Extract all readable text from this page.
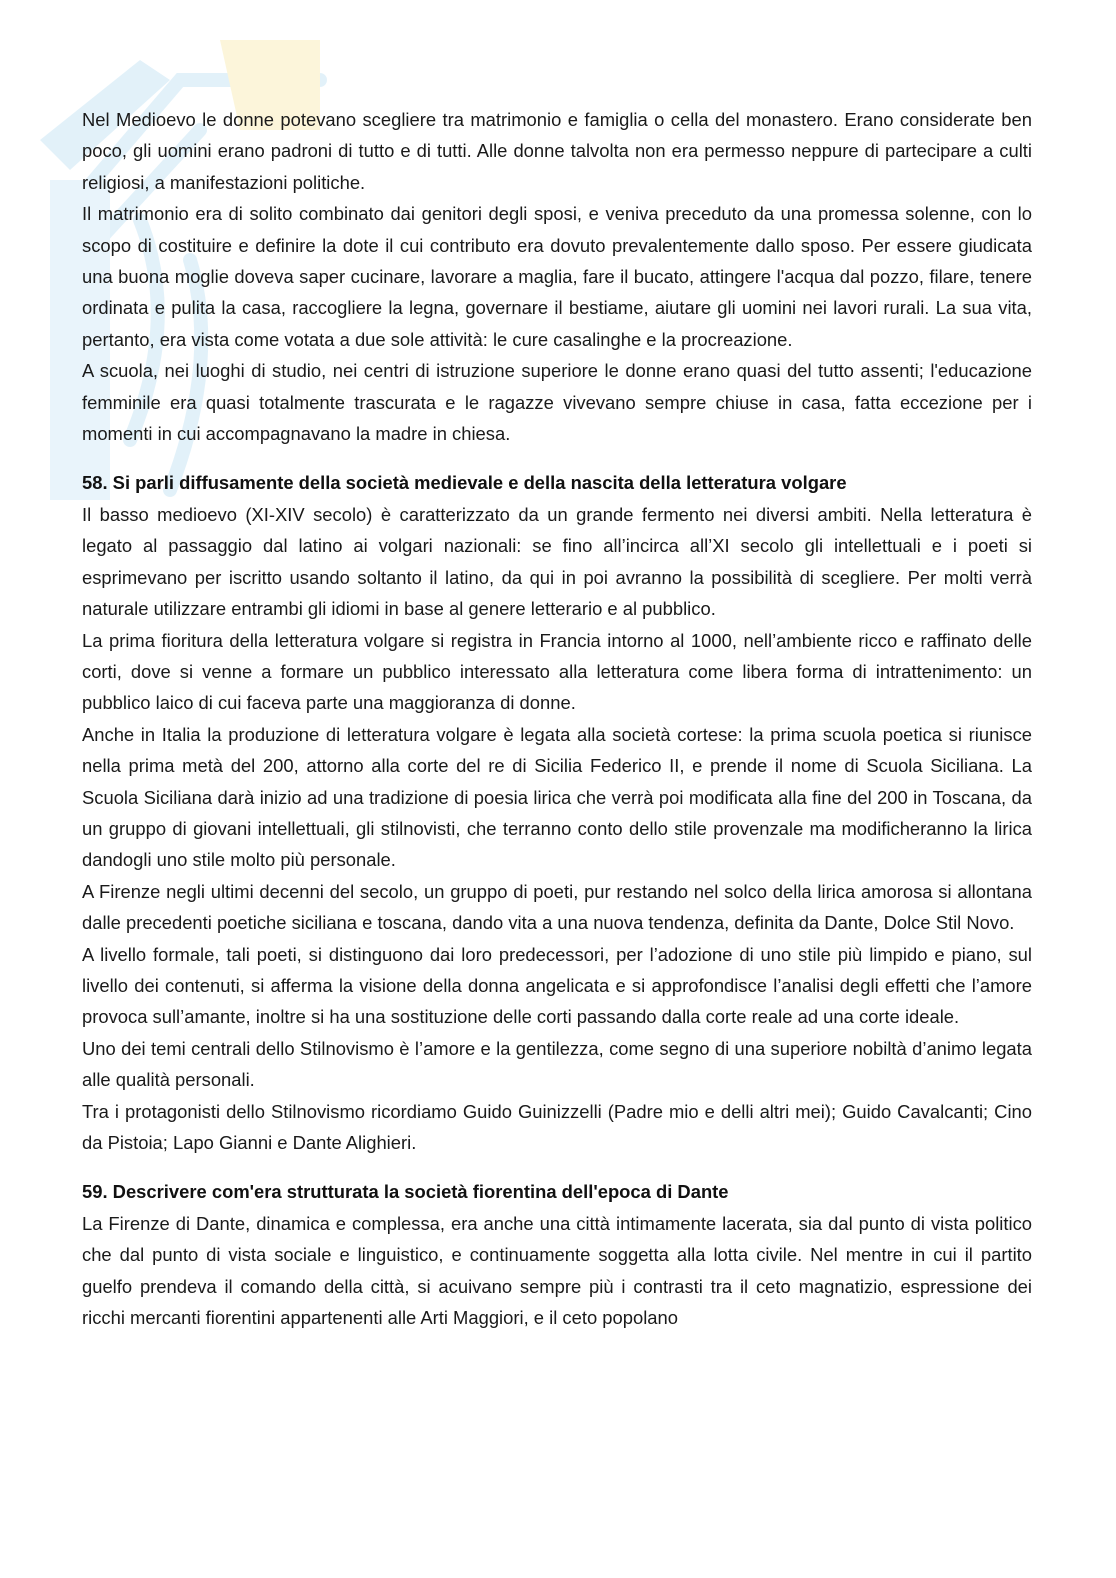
Nel Medioevo le donne potevano scegliere tra matrimonio e famiglia o cella del monastero. Erano considerate ben poco, gli uomini erano padroni di tutto e di tutti. Alle donne talvolta non era permesso neppure di partecipare a culti religiosi, a manifestazioni politiche.

Il matrimonio era di solito combinato dai genitori degli sposi, e veniva preceduto da una promessa solenne, con lo scopo di costituire e definire la dote il cui contributo era dovuto prevalentemente dallo sposo. Per essere giudicata una buona moglie doveva saper cucinare, lavorare a maglia, fare il bucato, attingere l'acqua dal pozzo, filare, tenere ordinata e pulita la casa, raccogliere la legna, governare il bestiame, aiutare gli uomini nei lavori rurali. La sua vita, pertanto, era vista come votata a due sole attività: le cure casalinghe e la procreazione.

A scuola, nei luoghi di studio, nei centri di istruzione superiore le donne erano quasi del tutto assenti; l'educazione femminile era quasi totalmente trascurata e le ragazze vivevano sempre chiuse in casa, fatta eccezione per i momenti in cui accompagnavano la madre in chiesa.

58. Si parli diffusamente della società medievale e della nascita della letteratura volgare

Il basso medioevo (XI-XIV secolo) è caratterizzato da un grande fermento nei diversi ambiti. Nella letteratura è legato al passaggio dal latino ai volgari nazionali: se fino all’incirca all’XI secolo gli intellettuali e i poeti si esprimevano per iscritto usando soltanto il latino, da qui in poi avranno la possibilità di scegliere. Per molti verrà naturale utilizzare entrambi gli idiomi in base al genere letterario e al pubblico.

La prima fioritura della letteratura volgare si registra in Francia intorno al 1000, nell’ambiente ricco e raffinato delle corti, dove si venne a formare un pubblico interessato alla letteratura come libera forma di intrattenimento: un pubblico laico di cui faceva parte una maggioranza di donne.

Anche in Italia la produzione di letteratura volgare è legata alla società cortese: la prima scuola poetica si riunisce nella prima metà del 200, attorno alla corte del re di Sicilia Federico II, e prende il nome di Scuola Siciliana. La Scuola Siciliana darà inizio ad una tradizione di poesia lirica che verrà poi modificata alla fine del 200 in Toscana, da un gruppo di giovani intellettuali, gli stilnovisti, che terranno conto dello stile provenzale ma modificheranno la lirica dandogli uno stile molto più personale.

A Firenze negli ultimi decenni del secolo, un gruppo di poeti, pur restando nel solco della lirica amorosa si allontana dalle precedenti poetiche siciliana e toscana, dando vita a una nuova tendenza, definita da Dante, Dolce Stil Novo.

A livello formale, tali poeti, si distinguono dai loro predecessori, per l’adozione di uno stile più limpido e piano, sul livello dei contenuti, si afferma la visione della donna angelicata e si approfondisce l’analisi degli effetti che l’amore provoca sull’amante, inoltre si ha una sostituzione delle corti passando dalla corte reale ad una corte ideale.

Uno dei temi centrali dello Stilnovismo è l’amore e la gentilezza, come segno di una superiore nobiltà d’animo legata alle qualità personali.

Tra i protagonisti dello Stilnovismo ricordiamo Guido Guinizzelli (Padre mio e delli altri mei); Guido Cavalcanti; Cino da Pistoia; Lapo Gianni e Dante Alighieri.

59. Descrivere com'era strutturata la società fiorentina dell'epoca di Dante

La Firenze di Dante, dinamica e complessa, era anche una città intimamente lacerata, sia dal punto di vista politico che dal punto di vista sociale e linguistico, e continuamente soggetta alla lotta civile. Nel mentre in cui il partito guelfo prendeva il comando della città, si acuivano sempre più i contrasti tra il ceto magnatizio, espressione dei ricchi mercanti fiorentini appartenenti alle Arti Maggiori, e il ceto popolano
